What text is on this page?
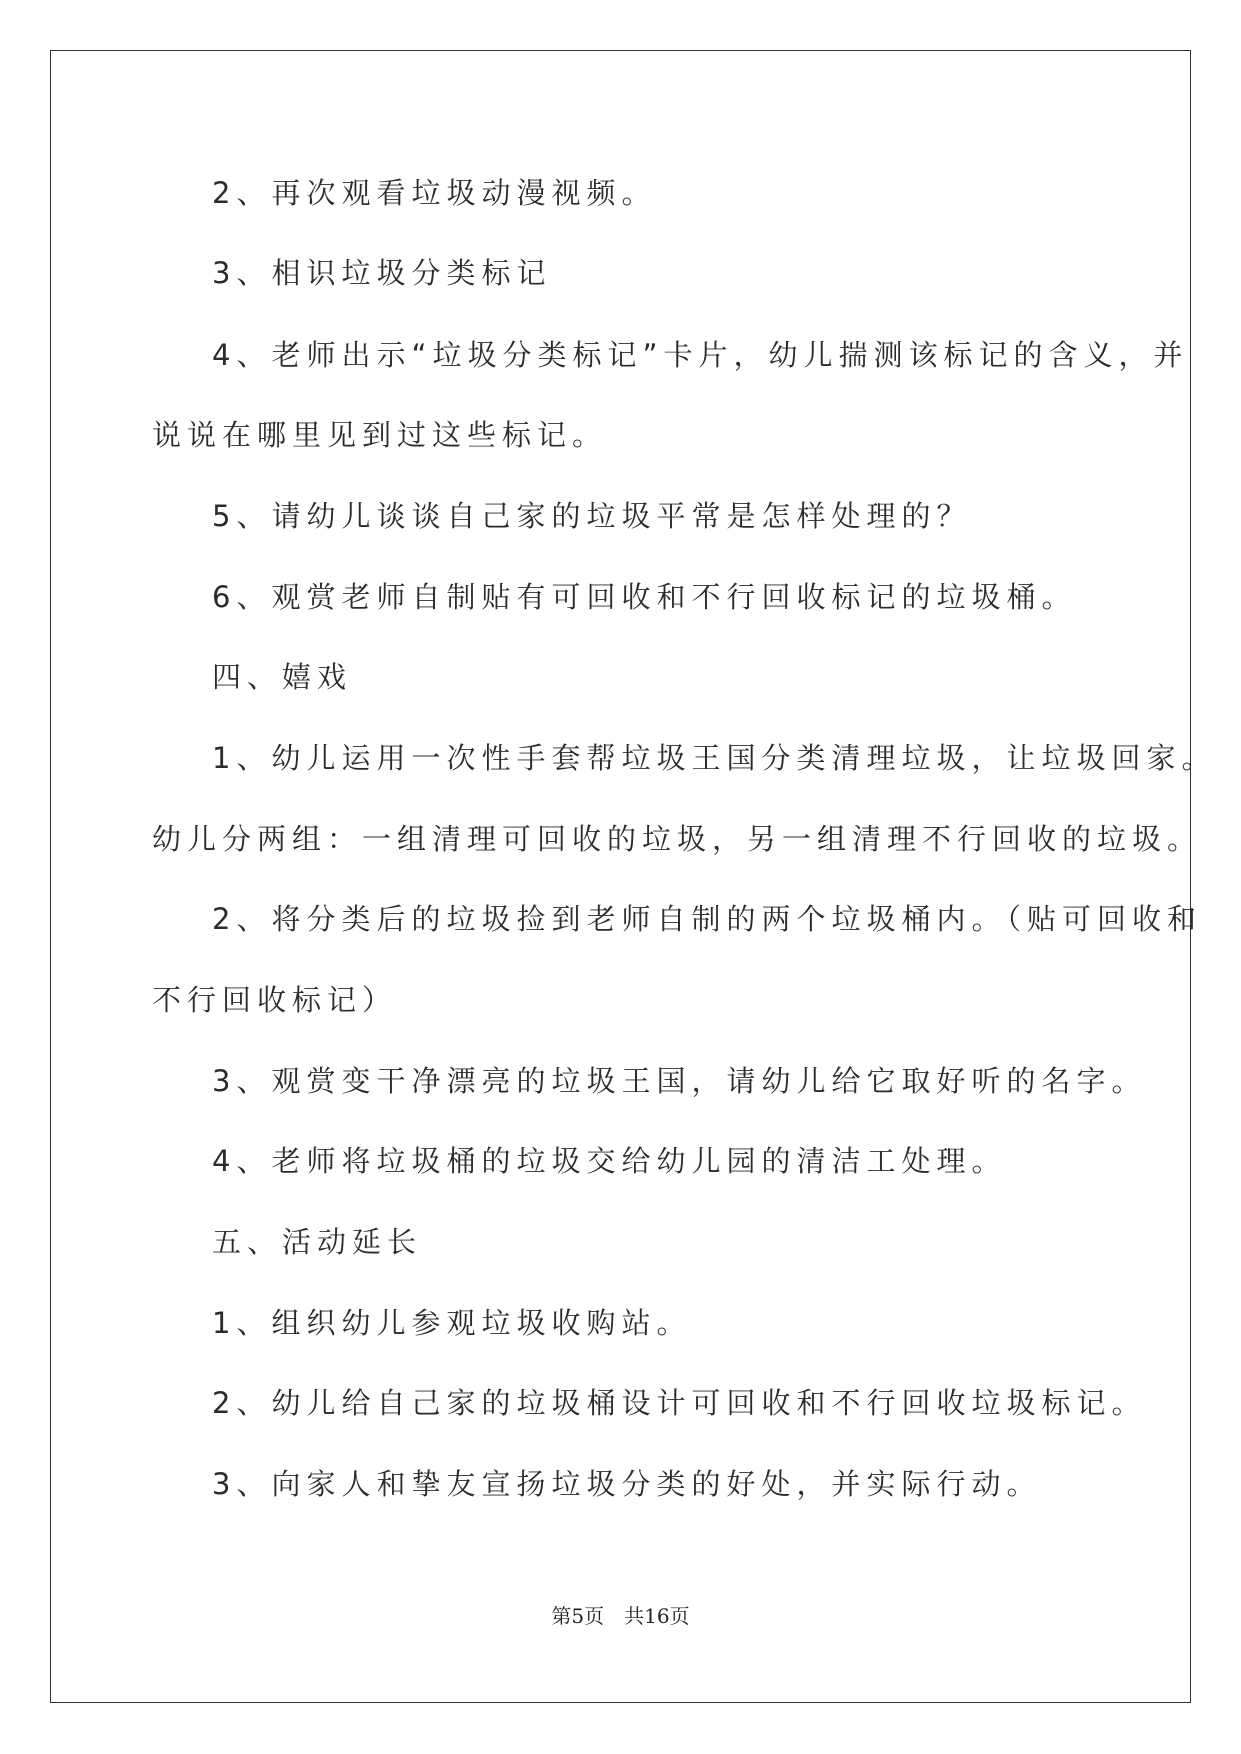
2、再次观看垃圾动漫视频。
3、相识垃圾分类标记
4、老师出示“垃圾分类标记”卡片，幼儿揣测该标记的含义，并
说说在哪里见到过这些标记。
5、请幼儿谈谈自己家的垃圾平常是怎样处理的？
6、观赏老师自制贴有可回收和不行回收标记的垃圾桶。
四、嬉戏
1、幼儿运用一次性手套帮垃圾王国分类清理垃圾，让垃圾回家。
幼儿分两组：一组清理可回收的垃圾，另一组清理不行回收的垃圾。
2、将分类后的垃圾捡到老师自制的两个垃圾桶内。（贴可回收和
不行回收标记）
3、观赏变干净漂亮的垃圾王国，请幼儿给它取好听的名字。
4、老师将垃圾桶的垃圾交给幼儿园的清洁工处理。
五、活动延长
1、组织幼儿参观垃圾收购站。
2、幼儿给自己家的垃圾桶设计可回收和不行回收垃圾标记。
3、向家人和挚友宣扬垃圾分类的好处，并实际行动。
第5页 共16页
